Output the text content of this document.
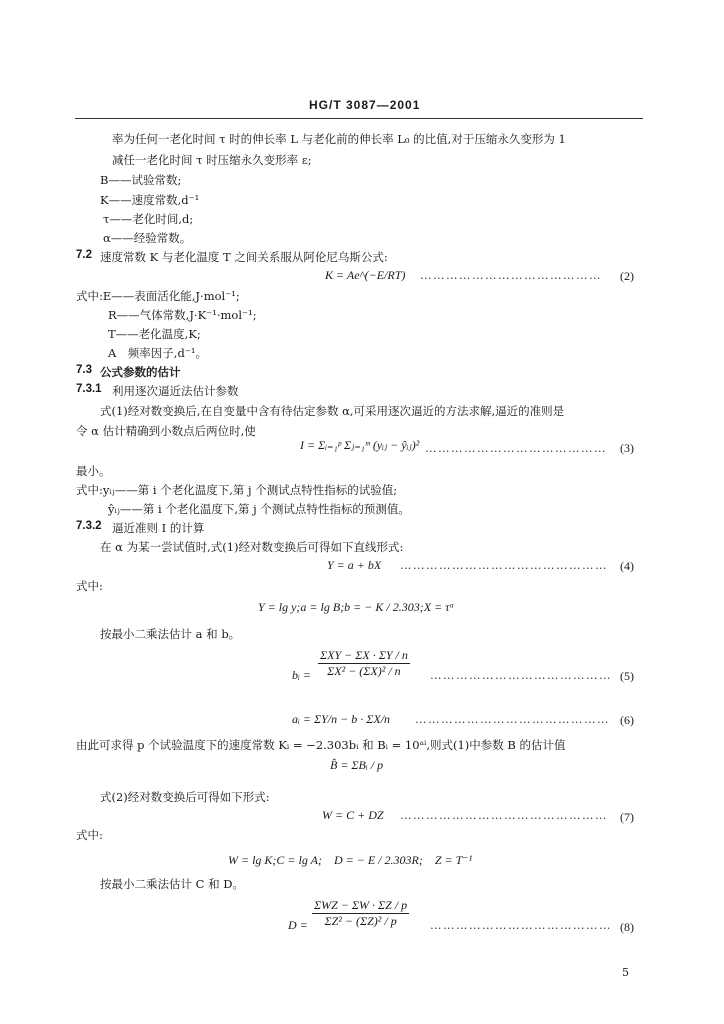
HG/T 3087—2001
率为任何一老化时间 τ 时的伸长率 L 与老化前的伸长率 L₀ 的比值,对于压缩永久变形为 1
减任一老化时间 τ 时压缩永久变形率 ε;
B——试验常数;
K——速度常数,d⁻¹
τ——老化时间,d;
α——经验常数。
7.2 速度常数 K 与老化温度 T 之间关系服从阿伦尼乌斯公式:
K = Ae^(−E/RT) …………………………………… (2)
式中:E——表面活化能,J·mol⁻¹;
R——气体常数,J·K⁻¹·mol⁻¹;
T——老化温度,K;
A　频率因子,d⁻¹。
7.3 公式参数的估计
7.3.1 利用逐次逼近法估计参数
式(1)经对数变换后,在自变量中含有待估定参数 α,可采用逐次逼近的方法求解,逼近的准则是
令 α 估计精确到小数点后两位时,使
I = Σᵢ₌₁ᵖ Σⱼ₌₁ᵐ (yᵢⱼ − ŷᵢⱼ)² …………………………………… (3)
最小。
式中:yᵢⱼ——第 i 个老化温度下,第 j 个测试点特性指标的试验值;
ŷᵢⱼ——第 i 个老化温度下,第 j 个测试点特性指标的预测值。
7.3.2 逼近准则 I 的计算
在 α 为某一尝试值时,式(1)经对数变换后可得如下直线形式:
Y = a + bX ………………………………………… (4)
式中:
Y = lg y;a = lg B;b = − K / 2.303;X = τᵅ
按最小二乘法估计 a 和 b。
bᵢ = $\frac{\text{ΣXY − ΣX · ΣY / n}}{\text{ΣX² − (ΣX)² / n}}$ …………………………………… (5)
aᵢ = ΣY/n − b · ΣX/n ……………………………………… (6)
由此可求得 p 个试验温度下的速度常数 Kᵢ = −2.303bᵢ 和 Bᵢ = 10ᵃⁱ,则式(1)中参数 B 的估计值
B̂ = ΣBᵢ / p
式(2)经对数变换后可得如下形式:
W = C + DZ ………………………………………… (7)
式中:
W = lg K;C = lg A;　D = − E / 2.303R;　Z = T⁻¹
按最小二乘法估计 C 和 D。
$D = \frac{\text{ΣWZ − ΣW · ΣZ / p}}{\text{ΣZ² − (ΣZ)² / p}}$ …………………………………… (8)
5
